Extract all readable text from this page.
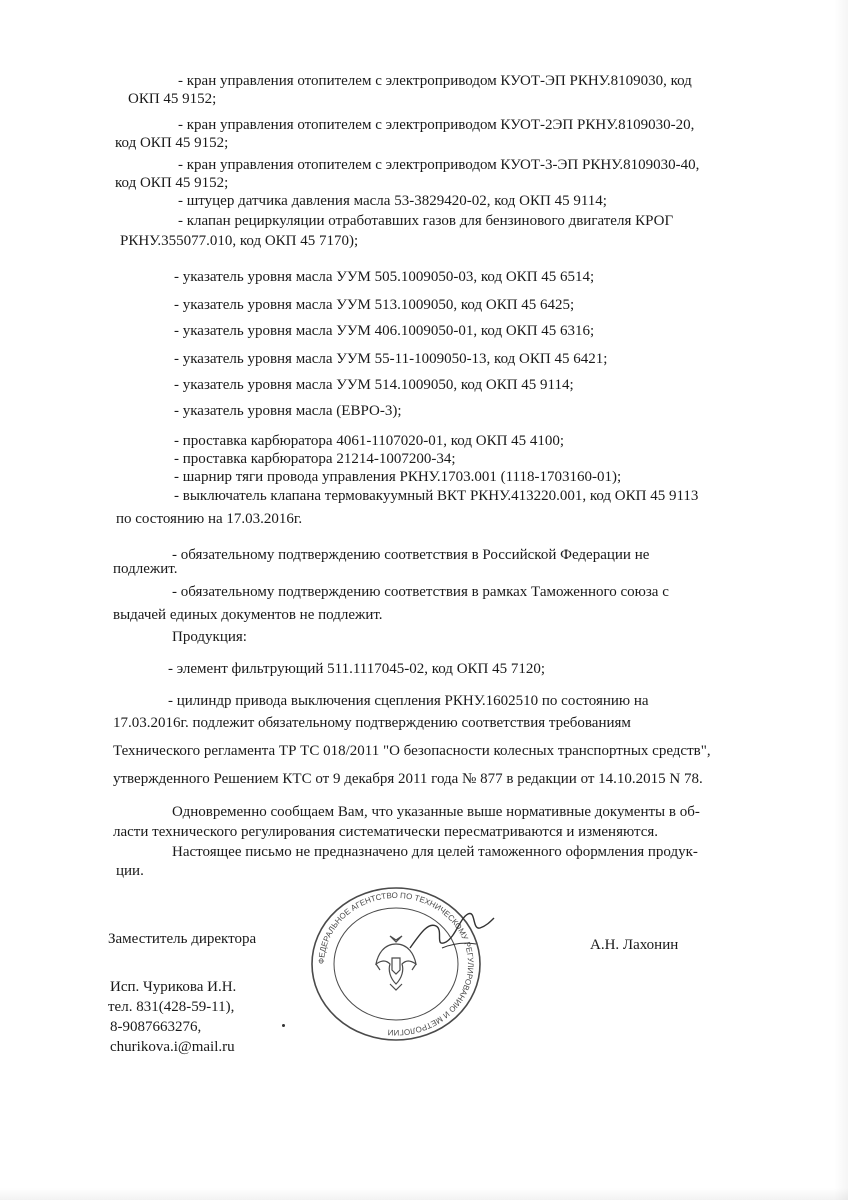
- кран управления отопителем с электроприводом КУОТ-ЭП РКНУ.8109030, код
ОКП 45 9152;
- кран управления отопителем с электроприводом КУОТ-2ЭП РКНУ.8109030-20,
код ОКП 45 9152;
- кран управления отопителем с электроприводом КУОТ-3-ЭП РКНУ.8109030-40,
код ОКП 45 9152;
- штуцер датчика давления масла 53-3829420-02, код ОКП 45 9114;
- клапан рециркуляции отработавших газов для бензинового двигателя КРОГ
РКНУ.355077.010, код ОКП 45 7170);
- указатель уровня масла УУМ 505.1009050-03, код ОКП 45 6514;
- указатель уровня масла УУМ 513.1009050, код ОКП 45 6425;
- указатель уровня масла УУМ 406.1009050-01, код ОКП 45 6316;
- указатель уровня масла УУМ 55-11-1009050-13, код ОКП 45 6421;
- указатель уровня масла УУМ 514.1009050, код ОКП 45 9114;
- указатель уровня масла (ЕВРО-3);
- проставка карбюратора 4061-1107020-01, код ОКП 45 4100;
- проставка карбюратора 21214-1007200-34;
- шарнир тяги провода управления РКНУ.1703.001 (1118-1703160-01);
- выключатель клапана термовакуумный ВКТ РКНУ.413220.001, код ОКП 45 9113
по состоянию на 17.03.2016г.
- обязательному подтверждению соответствия в Российской Федерации не
подлежит.
- обязательному подтверждению соответствия в рамках Таможенного союза с
выдачей единых документов не подлежит.
Продукция:
- элемент фильтрующий 511.1117045-02, код ОКП 45 7120;
- цилиндр привода выключения сцепления РКНУ.1602510 по состоянию на
17.03.2016г. подлежит обязательному подтверждению соответствия требованиям
Технического регламента ТР ТС 018/2011 "О безопасности колесных транспортных средств",
утвержденного Решением КТС от 9 декабря 2011 года № 877 в редакции от 14.10.2015 N 78.
Одновременно сообщаем Вам, что указанные выше нормативные документы в об-
ласти технического регулирования систематически пересматриваются и изменяются.
Настоящее письмо не предназначено для целей таможенного оформления продук-
ции.
Заместитель директора	А.Н. Лахонин
Исп. Чурикова И.Н.
тел. 831(428-59-11),
8-9087663276,
churikova.i@mail.ru
ФЕДЕРАЛЬНОЕ АГЕНТСТВО ПО ТЕХНИЧЕСКОМУ РЕГУЛИРОВАНИЮ И МЕТРОЛОГИИ
